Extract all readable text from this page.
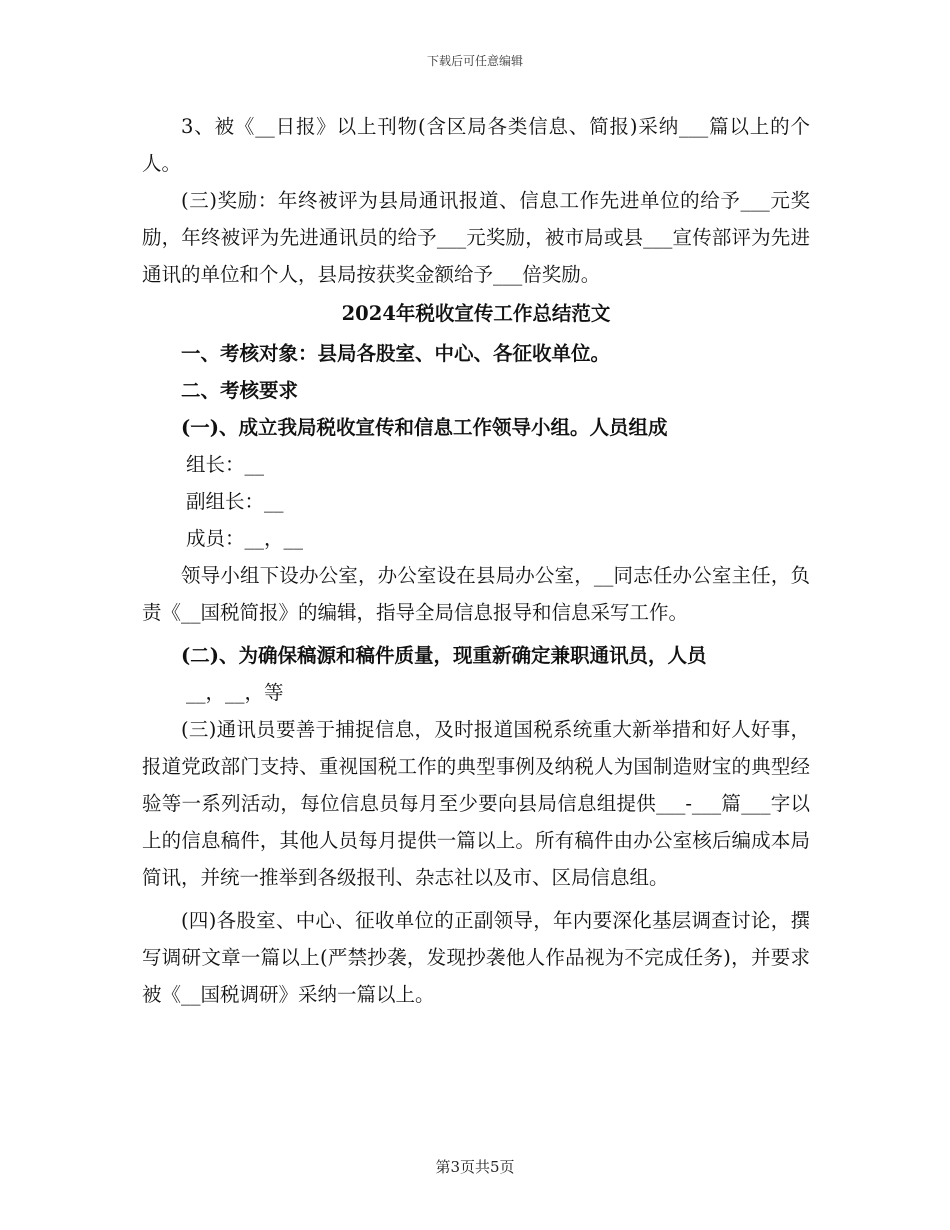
下载后可任意编辑

3、被《__日报》以上刊物(含区局各类信息、简报)采纳___篇以上的个人。

(三)奖励：年终被评为县局通讯报道、信息工作先进单位的给予___元奖励，年终被评为先进通讯员的给予___元奖励，被市局或县___宣传部评为先进通讯的单位和个人，县局按获奖金额给予___倍奖励。

2024年税收宣传工作总结范文

一、考核对象：县局各股室、中心、各征收单位。

二、考核要求

(一)、成立我局税收宣传和信息工作领导小组。人员组成

组长：__

副组长：__

成员：__，__

领导小组下设办公室，办公室设在县局办公室，__同志任办公室主任，负责《__国税简报》的编辑，指导全局信息报导和信息采写工作。

(二)、为确保稿源和稿件质量，现重新确定兼职通讯员，人员

__，__，等

(三)通讯员要善于捕捉信息，及时报道国税系统重大新举措和好人好事，报道党政部门支持、重视国税工作的典型事例及纳税人为国制造财宝的典型经验等一系列活动，每位信息员每月至少要向县局信息组提供___-___篇___字以上的信息稿件，其他人员每月提供一篇以上。所有稿件由办公室核后编成本局简讯，并统一推举到各级报刊、杂志社以及市、区局信息组。

(四)各股室、中心、征收单位的正副领导，年内要深化基层调查讨论，撰写调研文章一篇以上(严禁抄袭，发现抄袭他人作品视为不完成任务)，并要求被《__国税调研》采纳一篇以上。

第3页共5页
